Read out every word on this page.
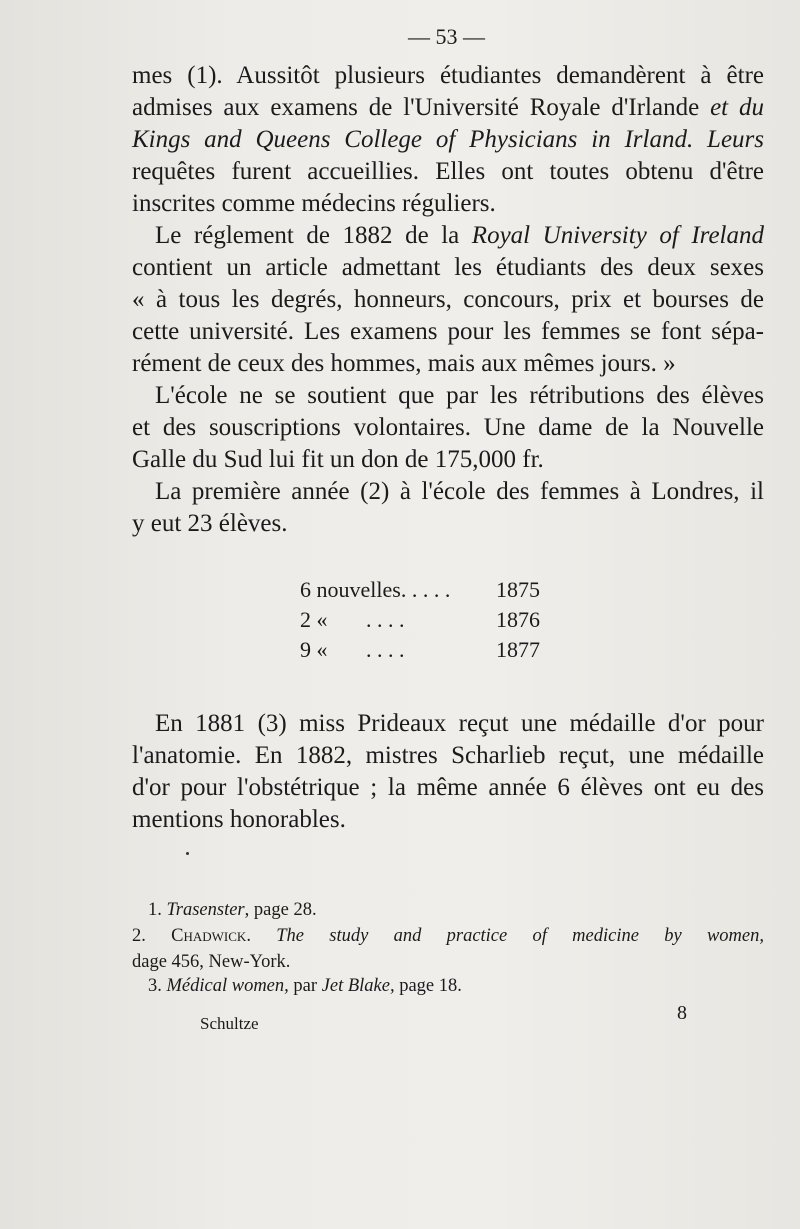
— 53 —
mes (1). Aussitôt plusieurs étudiantes demandèrent à être
admises aux examens de l'Université Royale d'Irlande et du
Kings and Queens College of Physicians in Irland. Leurs
requêtes furent accueillies. Elles ont toutes obtenu d'être
inscrites comme médecins réguliers.
Le réglement de 1882 de la Royal University of Ireland
contient un article admettant les étudiants des deux sexes
« à tous les degrés, honneurs, concours, prix et bourses de
cette université. Les examens pour les femmes se font sépa-
rément de ceux des hommes, mais aux mêmes jours. »
L'école ne se soutient que par les rétributions des élèves
et des souscriptions volontaires. Une dame de la Nouvelle
Galle du Sud lui fit un don de 175,000 fr.
La première année (2) à l'école des femmes à Londres, il
y eut 23 élèves.
6 nouvelles. . . . . 1875
2 «       . . . .	1876
9 «       . . . .	1877
En 1881 (3) miss Prideaux reçut une médaille d'or pour
l'anatomie. En 1882, mistres Scharlieb reçut, une médaille
d'or pour l'obstétrique ; la même année 6 élèves ont eu des
mentions honorables.
1. Trasenster, page 28.
2. Chadwick. The study and practice of medicine by women,
dage 456, New-York.
3. Médical women, par Jet Blake, page 18.
Schultze	8
